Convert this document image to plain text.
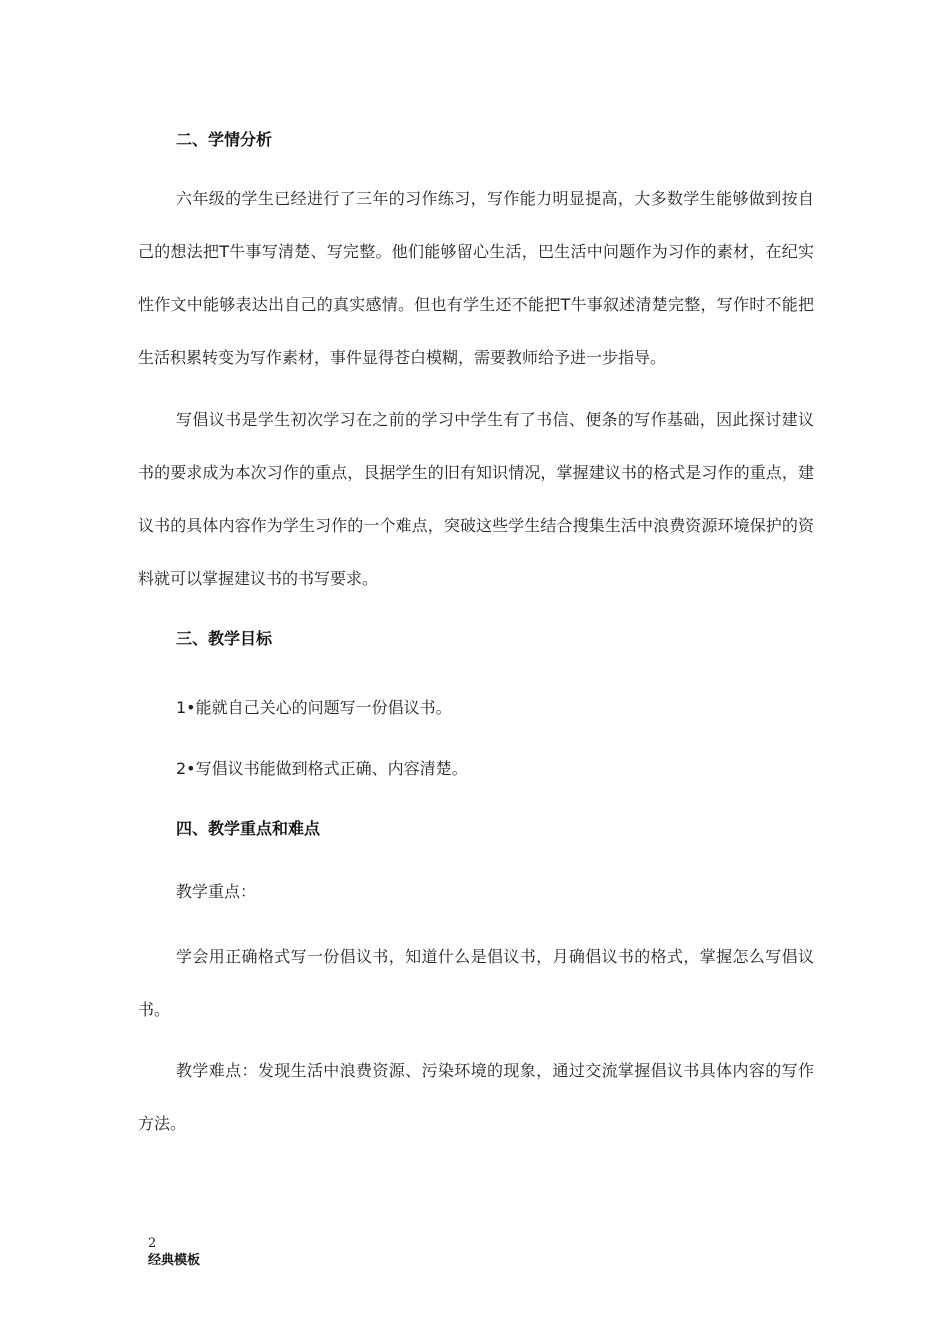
二、学情分析

六年级的学生已经进行了三年的习作练习，写作能力明显提高，大多数学生能够做到按自己的想法把T牛事写清楚、写完整。他们能够留心生活，巴生活中问题作为习作的素材，在纪实性作文中能够表达出自己的真实感情。但也有学生还不能把T牛事叙述清楚完整，写作时不能把生活积累转变为写作素材，事件显得苍白模糊，需要教师给予进一步指导。

写倡议书是学生初次学习在之前的学习中学生有了书信、便条的写作基础，因此探讨建议书的要求成为本次习作的重点，艮据学生的旧有知识情况，掌握建议书的格式是习作的重点，建议书的具体内容作为学生习作的一个难点，突破这些学生结合搜集生活中浪费资源环境保护的资料就可以掌握建议书的书写要求。

三、教学目标

1•能就自己关心的问题写一份倡议书。

2•写倡议书能做到格式正确、内容清楚。

四、教学重点和难点

教学重点：

学会用正确格式写一份倡议书，知道什么是倡议书，月确倡议书的格式，掌握怎么写倡议书。

教学难点：发现生活中浪费资源、污染环境的现象，通过交流掌握倡议书具体内容的写作方法。

2
经典模板
